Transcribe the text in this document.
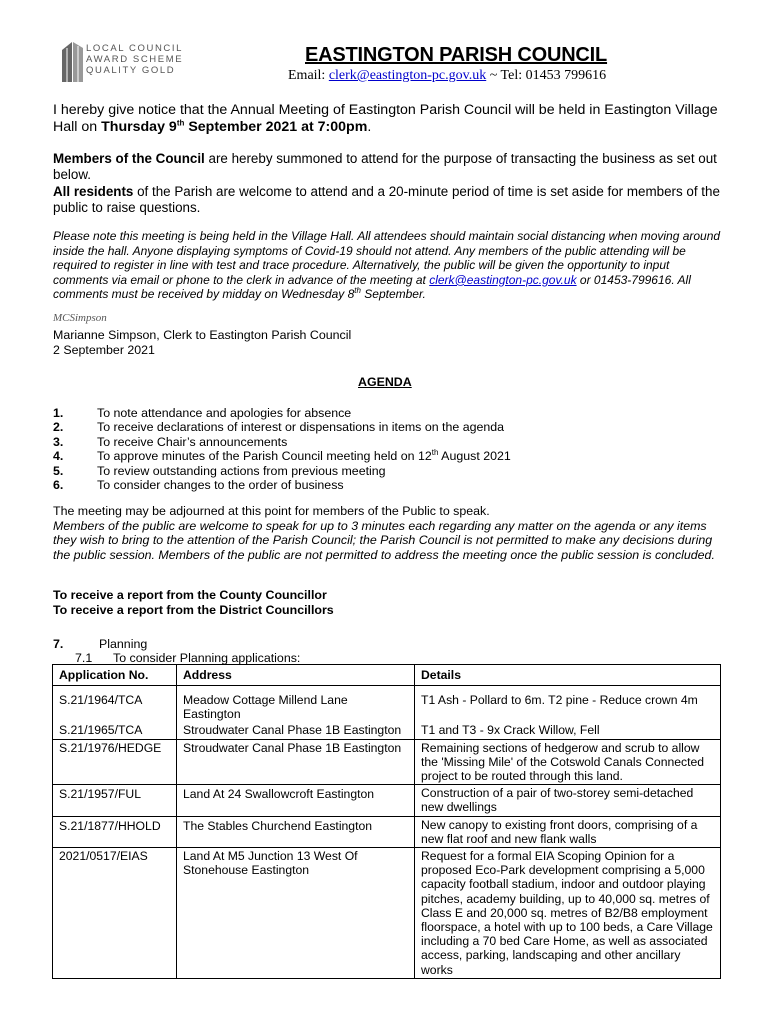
LOCAL COUNCIL
AWARD SCHEME
QUALITY GOLD
EASTINGTON PARISH COUNCIL
Email: clerk@eastington-pc.gov.uk ~ Tel: 01453 799616
I hereby give notice that the Annual Meeting of Eastington Parish Council will be held in Eastington Village Hall on Thursday 9th September 2021 at 7:00pm.
Members of the Council are hereby summoned to attend for the purpose of transacting the business as set out below.
All residents of the Parish are welcome to attend and a 20-minute period of time is set aside for members of the public to raise questions.
Please note this meeting is being held in the Village Hall. All attendees should maintain social distancing when moving around inside the hall. Anyone displaying symptoms of Covid-19 should not attend. Any members of the public attending will be required to register in line with test and trace procedure. Alternatively, the public will be given the opportunity to input comments via email or phone to the clerk in advance of the meeting at clerk@eastington-pc.gov.uk or 01453-799616. All comments must be received by midday on Wednesday 8th September.
MCSimpson
Marianne Simpson, Clerk to Eastington Parish Council
2 September 2021
AGENDA
1.	To note attendance and apologies for absence
2.	To receive declarations of interest or dispensations in items on the agenda
3.	To receive Chair’s announcements
4.	To approve minutes of the Parish Council meeting held on 12th August 2021
5.	To review outstanding actions from previous meeting
6.	To consider changes to the order of business
The meeting may be adjourned at this point for members of the Public to speak.
Members of the public are welcome to speak for up to 3 minutes each regarding any matter on the agenda or any items they wish to bring to the attention of the Parish Council; the Parish Council is not permitted to make any decisions during the public session. Members of the public are not permitted to address the meeting once the public session is concluded.
To receive a report from the County Councillor
To receive a report from the District Councillors
7.	Planning
7.1 To consider Planning applications:
Application No.	Address	Details
S.21/1964/TCA	Meadow Cottage Millend Lane Eastington	T1 Ash - Pollard to 6m. T2 pine - Reduce crown 4m
S.21/1965/TCA	Stroudwater Canal Phase 1B Eastington	T1 and T3 - 9x Crack Willow, Fell
S.21/1976/HEDGE	Stroudwater Canal Phase 1B Eastington	Remaining sections of hedgerow and scrub to allow the 'Missing Mile' of the Cotswold Canals Connected project to be routed through this land.
S.21/1957/FUL	Land At 24 Swallowcroft Eastington	Construction of a pair of two-storey semi-detached new dwellings
S.21/1877/HHOLD	The Stables Churchend Eastington	New canopy to existing front doors, comprising of a new flat roof and new flank walls
2021/0517/EIAS	Land At M5 Junction 13 West Of Stonehouse Eastington	Request for a formal EIA Scoping Opinion for a proposed Eco-Park development comprising a 5,000 capacity football stadium, indoor and outdoor playing pitches, academy building, up to 40,000 sq. metres of Class E and 20,000 sq. metres of B2/B8 employment floorspace, a hotel with up to 100 beds, a Care Village including a 70 bed Care Home, as well as associated access, parking, landscaping and other ancillary works
